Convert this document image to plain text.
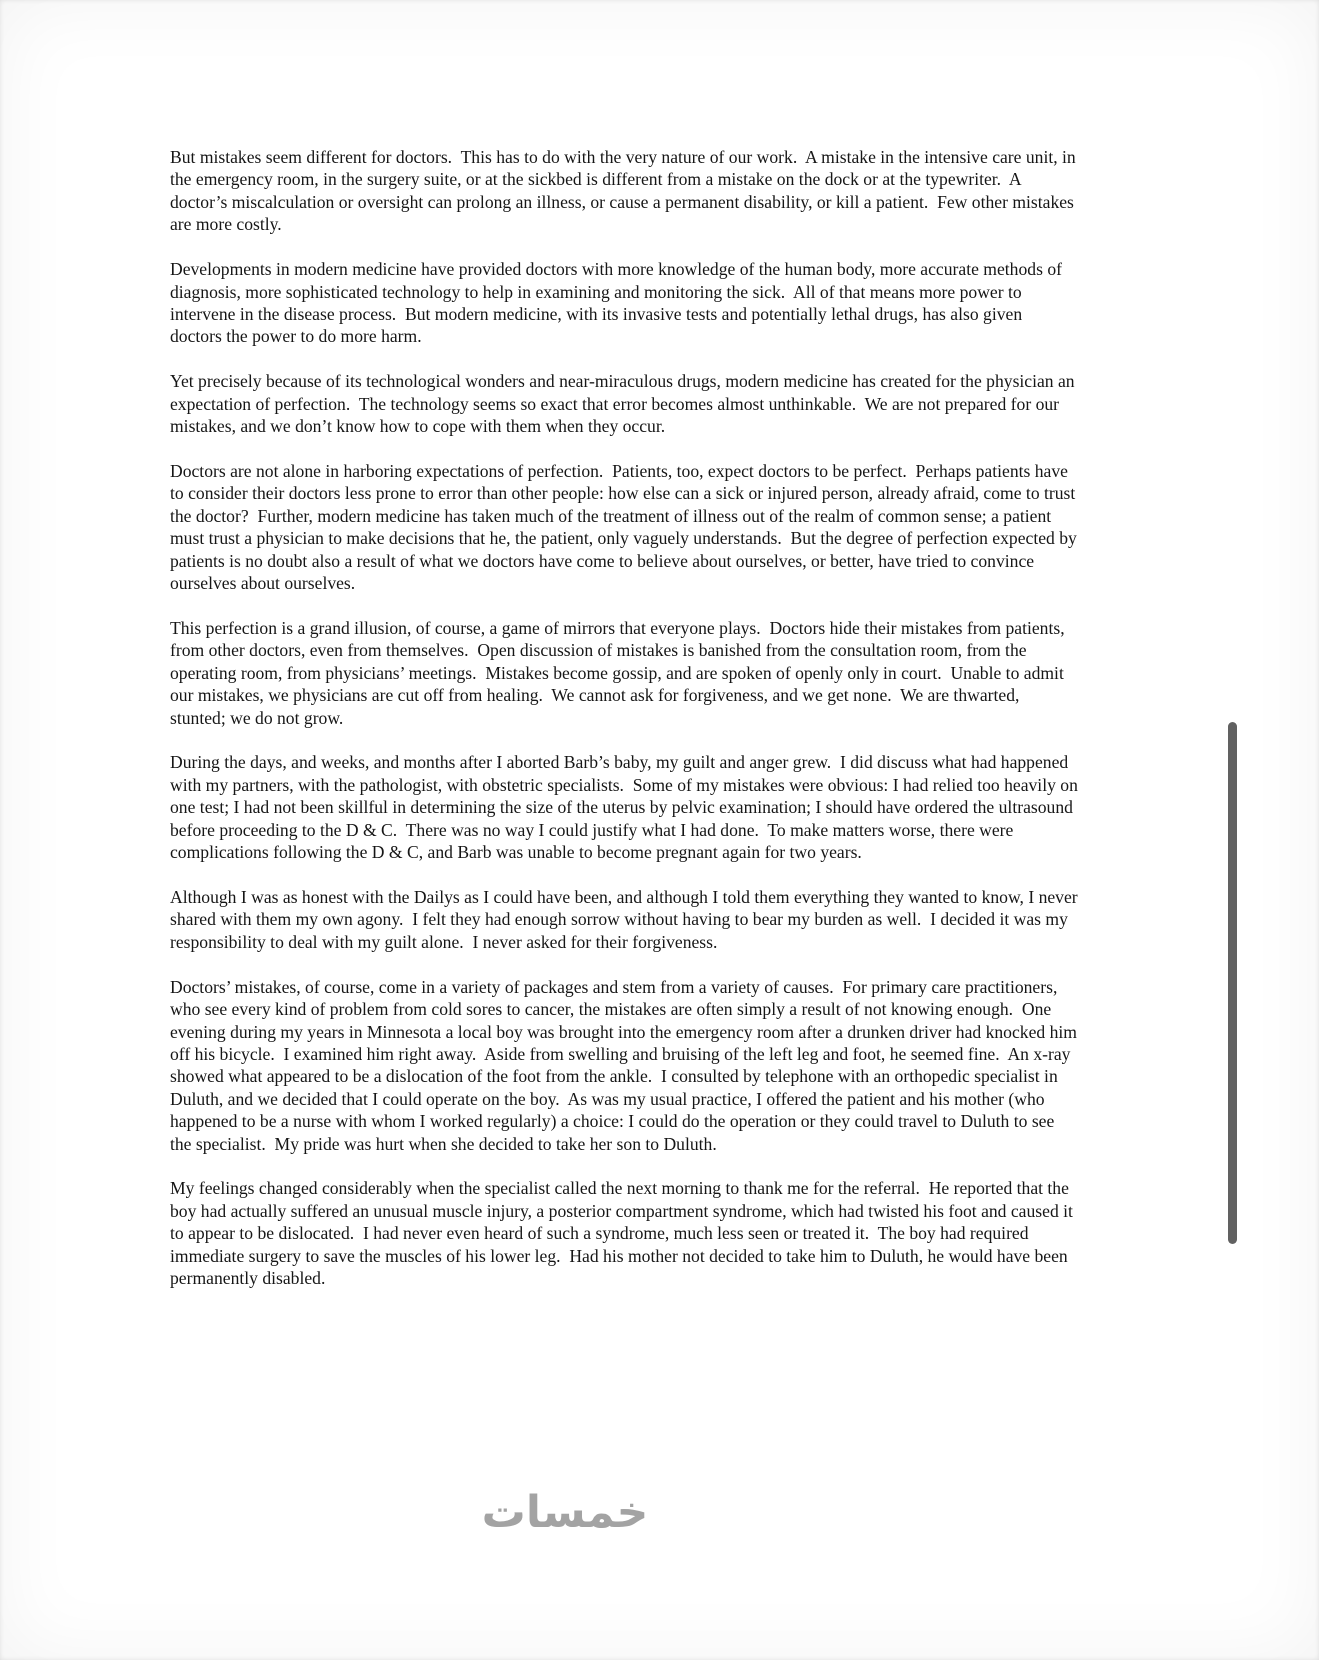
But mistakes seem different for doctors.  This has to do with the very nature of our work.  A mistake in the intensive care unit, in the emergency room, in the surgery suite, or at the sickbed is different from a mistake on the dock or at the typewriter.  A doctor’s miscalculation or oversight can prolong an illness, or cause a permanent disability, or kill a patient.  Few other mistakes are more costly.

Developments in modern medicine have provided doctors with more knowledge of the human body, more accurate methods of diagnosis, more sophisticated technology to help in examining and monitoring the sick.  All of that means more power to intervene in the disease process.  But modern medicine, with its invasive tests and potentially lethal drugs, has also given doctors the power to do more harm.

Yet precisely because of its technological wonders and near-miraculous drugs, modern medicine has created for the physician an expectation of perfection.  The technology seems so exact that error becomes almost unthinkable.  We are not prepared for our mistakes, and we don’t know how to cope with them when they occur.

Doctors are not alone in harboring expectations of perfection.  Patients, too, expect doctors to be perfect.  Perhaps patients have to consider their doctors less prone to error than other people: how else can a sick or injured person, already afraid, come to trust the doctor?  Further, modern medicine has taken much of the treatment of illness out of the realm of common sense; a patient must trust a physician to make decisions that he, the patient, only vaguely understands.  But the degree of perfection expected by patients is no doubt also a result of what we doctors have come to believe about ourselves, or better, have tried to convince ourselves about ourselves.

This perfection is a grand illusion, of course, a game of mirrors that everyone plays.  Doctors hide their mistakes from patients, from other doctors, even from themselves.  Open discussion of mistakes is banished from the consultation room, from the operating room, from physicians’ meetings.  Mistakes become gossip, and are spoken of openly only in court.  Unable to admit our mistakes, we physicians are cut off from healing.  We cannot ask for forgiveness, and we get none.  We are thwarted, stunted; we do not grow.

During the days, and weeks, and months after I aborted Barb’s baby, my guilt and anger grew.  I did discuss what had happened with my partners, with the pathologist, with obstetric specialists.  Some of my mistakes were obvious: I had relied too heavily on one test; I had not been skillful in determining the size of the uterus by pelvic examination; I should have ordered the ultrasound before proceeding to the D & C.  There was no way I could justify what I had done.  To make matters worse, there were complications following the D & C, and Barb was unable to become pregnant again for two years.

Although I was as honest with the Dailys as I could have been, and although I told them everything they wanted to know, I never shared with them my own agony.  I felt they had enough sorrow without having to bear my burden as well.  I decided it was my responsibility to deal with my guilt alone.  I never asked for their forgiveness.

Doctors’ mistakes, of course, come in a variety of packages and stem from a variety of causes.  For primary care practitioners, who see every kind of problem from cold sores to cancer, the mistakes are often simply a result of not knowing enough.  One evening during my years in Minnesota a local boy was brought into the emergency room after a drunken driver had knocked him off his bicycle.  I examined him right away.  Aside from swelling and bruising of the left leg and foot, he seemed fine.  An x-ray showed what appeared to be a dislocation of the foot from the ankle.  I consulted by telephone with an orthopedic specialist in Duluth, and we decided that I could operate on the boy.  As was my usual practice, I offered the patient and his mother (who happened to be a nurse with whom I worked regularly) a choice: I could do the operation or they could travel to Duluth to see the specialist.  My pride was hurt when she decided to take her son to Duluth.

My feelings changed considerably when the specialist called the next morning to thank me for the referral.  He reported that the boy had actually suffered an unusual muscle injury, a posterior compartment syndrome, which had twisted his foot and caused it to appear to be dislocated.  I had never even heard of such a syndrome, much less seen or treated it.  The boy had required immediate surgery to save the muscles of his lower leg.  Had his mother not decided to take him to Duluth, he would have been permanently disabled.

خمسات
